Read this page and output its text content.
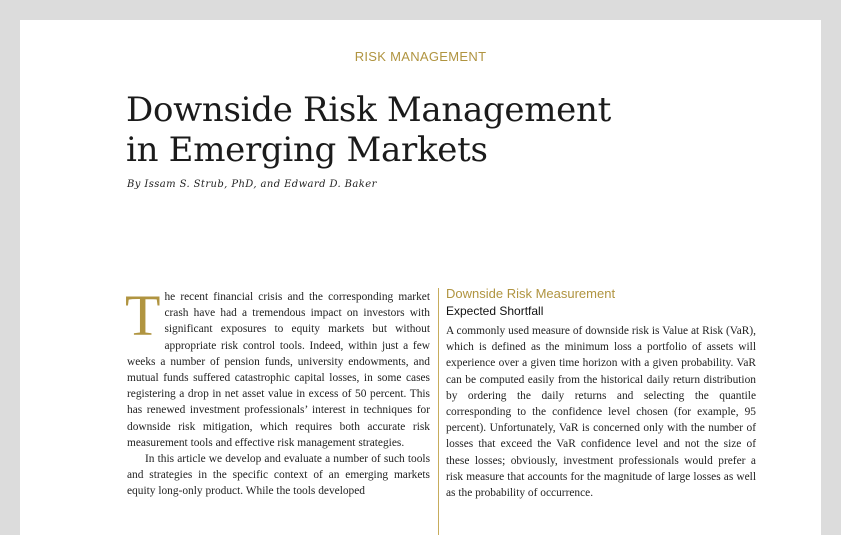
RISK MANAGEMENT
Downside Risk Management
in Emerging Markets
By Issam S. Strub, PhD, and Edward D. Baker

The recent financial crisis and the corresponding market crash have had a tremendous impact on investors with significant exposures to equity markets but without appropriate risk control tools. Indeed, within just a few weeks a number of pension funds, university endowments, and mutual funds suffered catastrophic capital losses, in some cases registering a drop in net asset value in excess of 50 percent. This has renewed investment professionals’ interest in techniques for downside risk mitigation, which requires both accurate risk measurement tools and effective risk management strategies.

In this article we develop and evaluate a number of such tools and strategies in the specific context of an emerging markets equity long-only product. While the tools developed

Downside Risk Measurement
Expected Shortfall

A commonly used measure of downside risk is Value at Risk (VaR), which is defined as the minimum loss a portfolio of assets will experience over a given time horizon with a given probability. VaR can be computed easily from the historical daily return distribution by ordering the daily returns and selecting the quantile corresponding to the confidence level chosen (for example, 95 percent). Unfortunately, VaR is concerned only with the number of losses that exceed the VaR confidence level and not the size of these losses; obviously, investment professionals would prefer a risk measure that accounts for the magnitude of large losses as well as the probability of occurrence.
